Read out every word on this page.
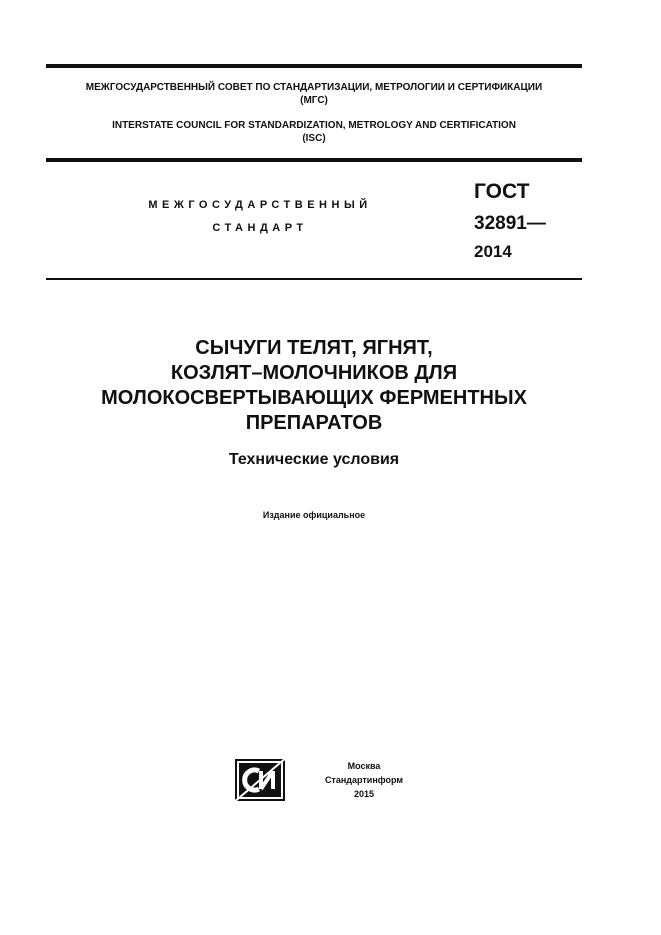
МЕЖГОСУДАРСТВЕННЫЙ СОВЕТ ПО СТАНДАРТИЗАЦИИ, МЕТРОЛОГИИ И СЕРТИФИКАЦИИ
(МГС)
INTERSTATE COUNCIL FOR STANDARDIZATION, METROLOGY AND CERTIFICATION
(ISC)
МЕЖГОСУДАРСТВЕННЫЙ
СТАНДАРТ
ГОСТ
32891—
2014
СЫЧУГИ ТЕЛЯТ, ЯГНЯТ,
КОЗЛЯТ–МОЛОЧНИКОВ ДЛЯ
МОЛОКОСВЕРТЫВАЮЩИХ ФЕРМЕНТНЫХ
ПРЕПАРАТОВ
Технические условия
Издание официальное
Москва
Стандартинформ
2015
